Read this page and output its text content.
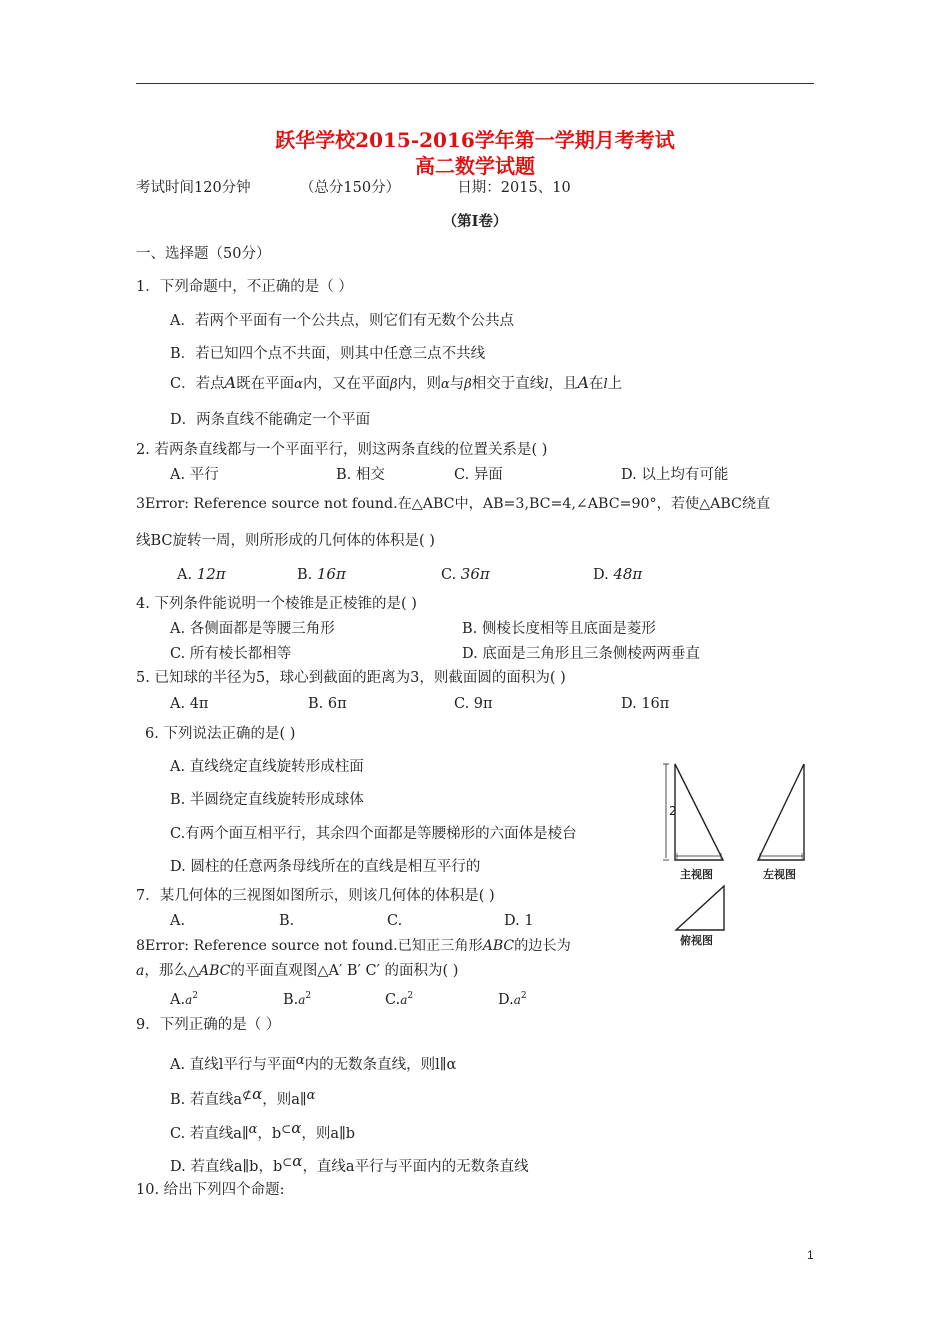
跃华学校2015-2016学年第一学期月考考试
高二数学试题
考试时间120分钟	（总分150分）	日期：2015、10
（第Ⅰ卷）
一、选择题（50分）
1．下列命题中，不正确的是（ ）
A．若两个平面有一个公共点，则它们有无数个公共点
B．若已知四个点不共面，则其中任意三点不共线
C．若点A既在平面α内，又在平面β内，则α与β相交于直线l，且A在l上
D．两条直线不能确定一个平面
2. 若两条直线都与一个平面平行，则这两条直线的位置关系是( )
A. 平行	B. 相交	C. 异面	D. 以上均有可能
3Error: Reference source not found.在△ABC中，AB=3,BC=4,∠ABC=90°，若使△ABC绕直
线BC旋转一周，则所形成的几何体的体积是( )
A. 12π	B. 16π	C. 36π	D. 48π
4. 下列条件能说明一个棱锥是正棱锥的是( )
A. 各侧面都是等腰三角形	B. 侧棱长度相等且底面是菱形
C. 所有棱长都相等	D. 底面是三角形且三条侧棱两两垂直
5. 已知球的半径为5，球心到截面的距离为3，则截面圆的面积为( )
A. 4π	B. 6π	C. 9π	D. 16π
6. 下列说法正确的是( )
A. 直线绕定直线旋转形成柱面
B. 半圆绕定直线旋转形成球体
C.有两个面互相平行，其余四个面都是等腰梯形的六面体是棱台
D. 圆柱的任意两条母线所在的直线是相互平行的
2
主视图	左视图
俯视图
7．某几何体的三视图如图所示，则该几何体的体积是( )
A.	B.	C.	D. 1
8Error: Reference source not found.已知正三角形ABC的边长为
a，那么△ABC的平面直观图△A′ B′ C′ 的面积为( )
$A.a^2$	$B.a^2$	$C.a^2$	$D.a^2$
9．下列正确的是（ ）
A. 直线l平行与平面α内的无数条直线，则l∥α
B. 若直线a⊄α，则a∥α
C. 若直线a∥α，b⊂α，则a∥b
D. 若直线a∥b，b⊂α，直线a平行与平面内的无数条直线
10. 给出下列四个命题:
1
